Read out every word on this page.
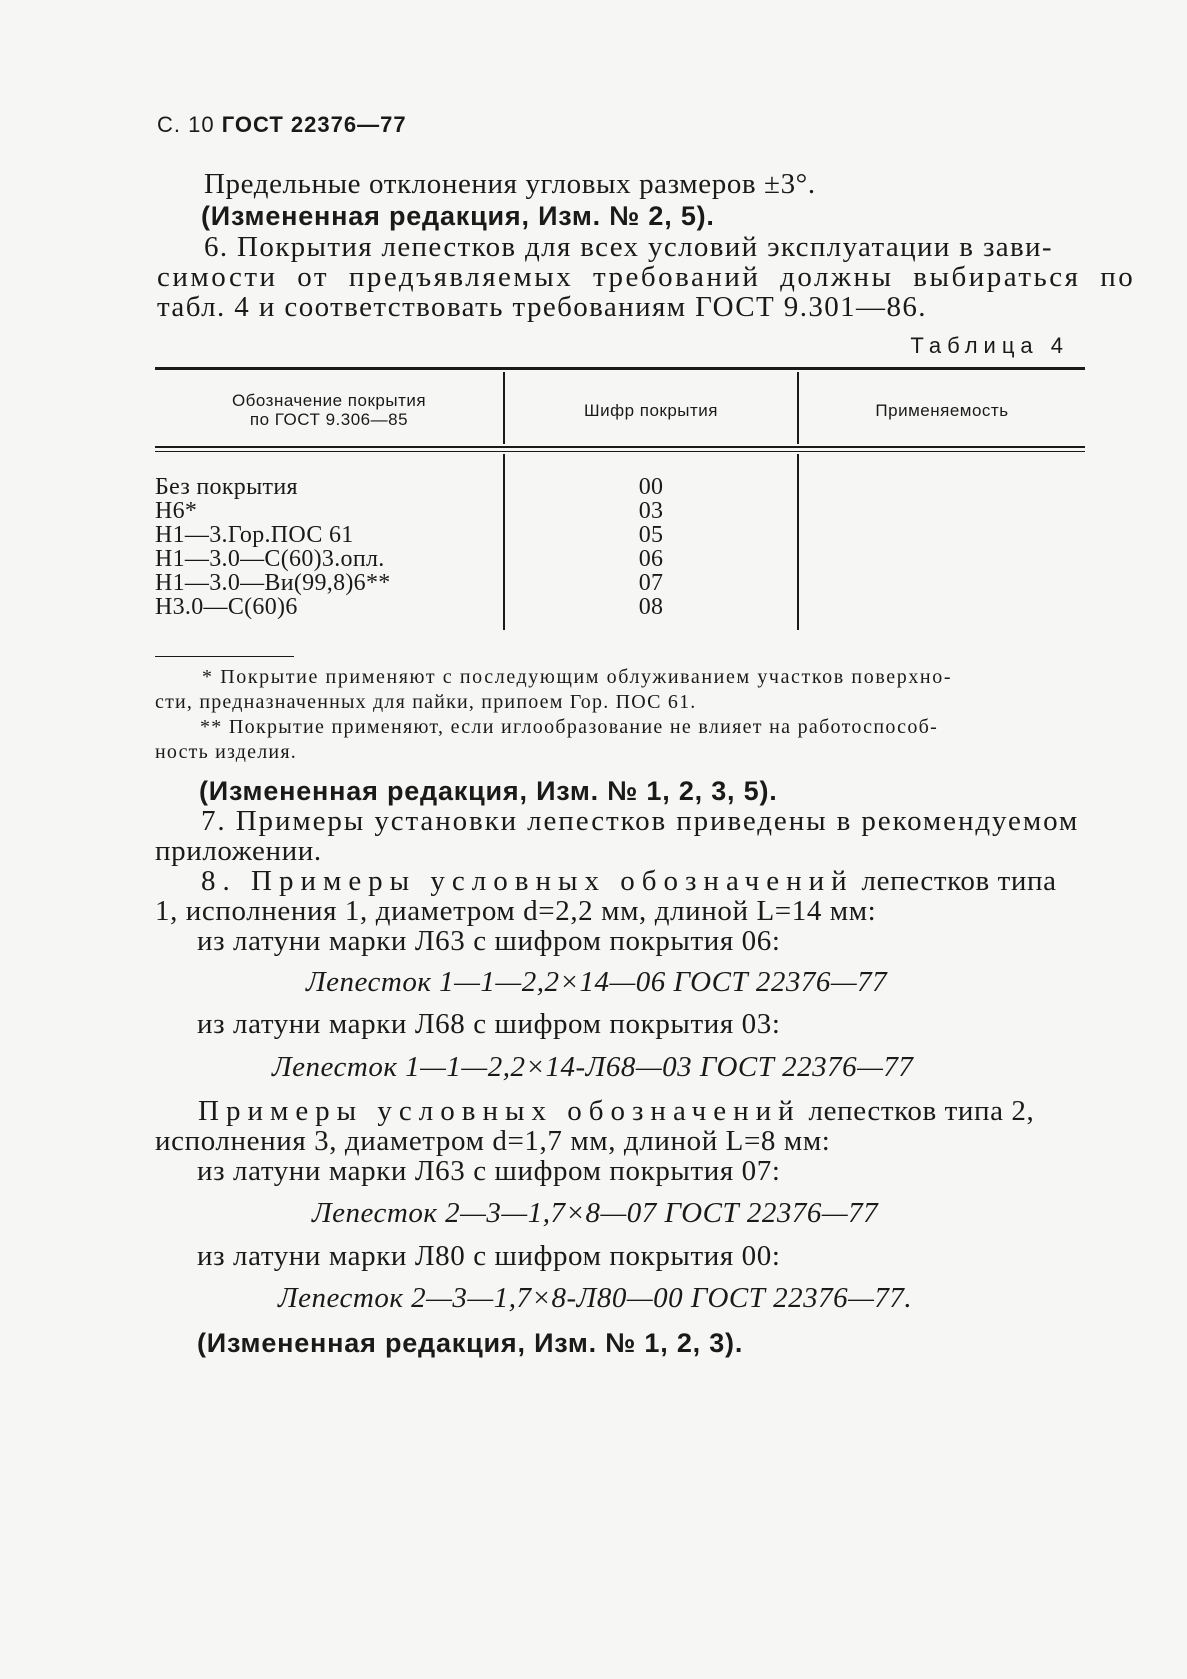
С. 10 ГОСТ 22376—77
Предельные отклонения угловых размеров ±3°.
(Измененная редакция, Изм. № 2, 5).
6. Покрытия лепестков для всех условий эксплуатации в зави-
симости от предъявляемых требований должны выбираться по
табл. 4 и соответствовать требованиям ГОСТ 9.301—86.
Таблица 4
Обозначение покрытия
по ГОСТ 9.306—85	Шифр покрытия	Применяемость
Без покрытия	00
Н6*	03
Н1—3.Гор.ПОС 61	05
Н1—3.0—С(60)3.опл.	06
Н1—3.0—Ви(99,8)6**	07
Н3.0—С(60)6	08
* Покрытие применяют с последующим облуживанием участков поверхно-
сти, предназначенных для пайки, припоем Гор. ПОС 61.
** Покрытие применяют, если иглообразование не влияет на работоспособ-
ность изделия.
(Измененная редакция, Изм. № 1, 2, 3, 5).
7. Примеры установки лепестков приведены в рекомендуемом
приложении.
8. Примеры условных обозначений лепестков типа
1, исполнения 1, диаметром d=2,2 мм, длиной L=14 мм:
из латуни марки Л63 с шифром покрытия 06:
Лепесток 1—1—2,2×14—06 ГОСТ 22376—77
из латуни марки Л68 с шифром покрытия 03:
Лепесток 1—1—2,2×14-Л68—03 ГОСТ 22376—77
Примеры условных обозначений лепестков типа 2,
исполнения 3, диаметром d=1,7 мм, длиной L=8 мм:
из латуни марки Л63 с шифром покрытия 07:
Лепесток 2—3—1,7×8—07 ГОСТ 22376—77
из латуни марки Л80 с шифром покрытия 00:
Лепесток 2—3—1,7×8-Л80—00 ГОСТ 22376—77.
(Измененная редакция, Изм. № 1, 2, 3).
